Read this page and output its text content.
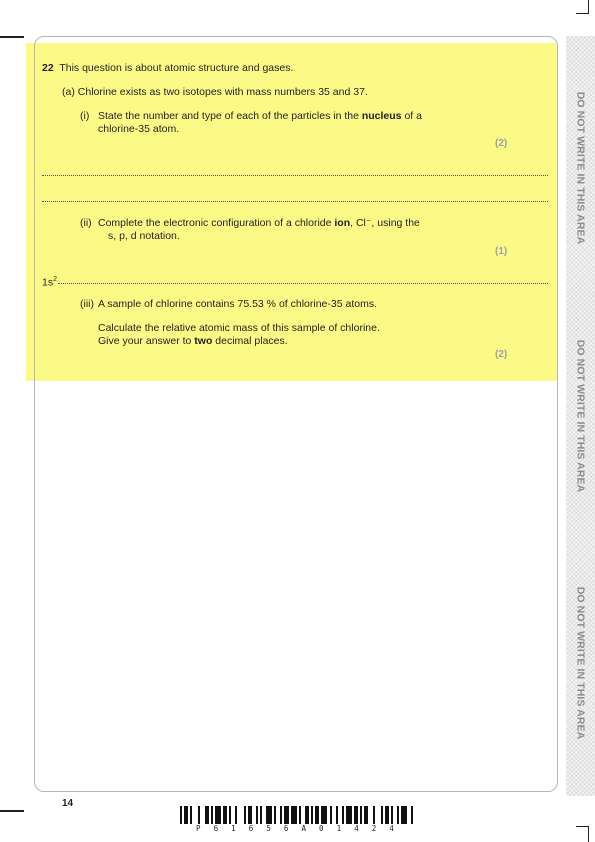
DO NOT WRITE IN THIS AREA
DO NOT WRITE IN THIS AREA
DO NOT WRITE IN THIS AREA
22 This question is about atomic structure and gases.
(a) Chlorine exists as two isotopes with mass numbers 35 and 37.
(i) State the number and type of each of the particles in the nucleus of a
chlorine-35 atom.
(2)
(ii) Complete the electronic configuration of a chloride ion, Cl⁻, using the
s, p, d notation.
(1)
$1s^2$
(iii) A sample of chlorine contains 75.53 % of chlorine-35 atoms.
Calculate the relative atomic mass of this sample of chlorine.
Give your answer to two decimal places.
(2)
14
P 6 1 6 5 6 A 0 1 4 2 4
